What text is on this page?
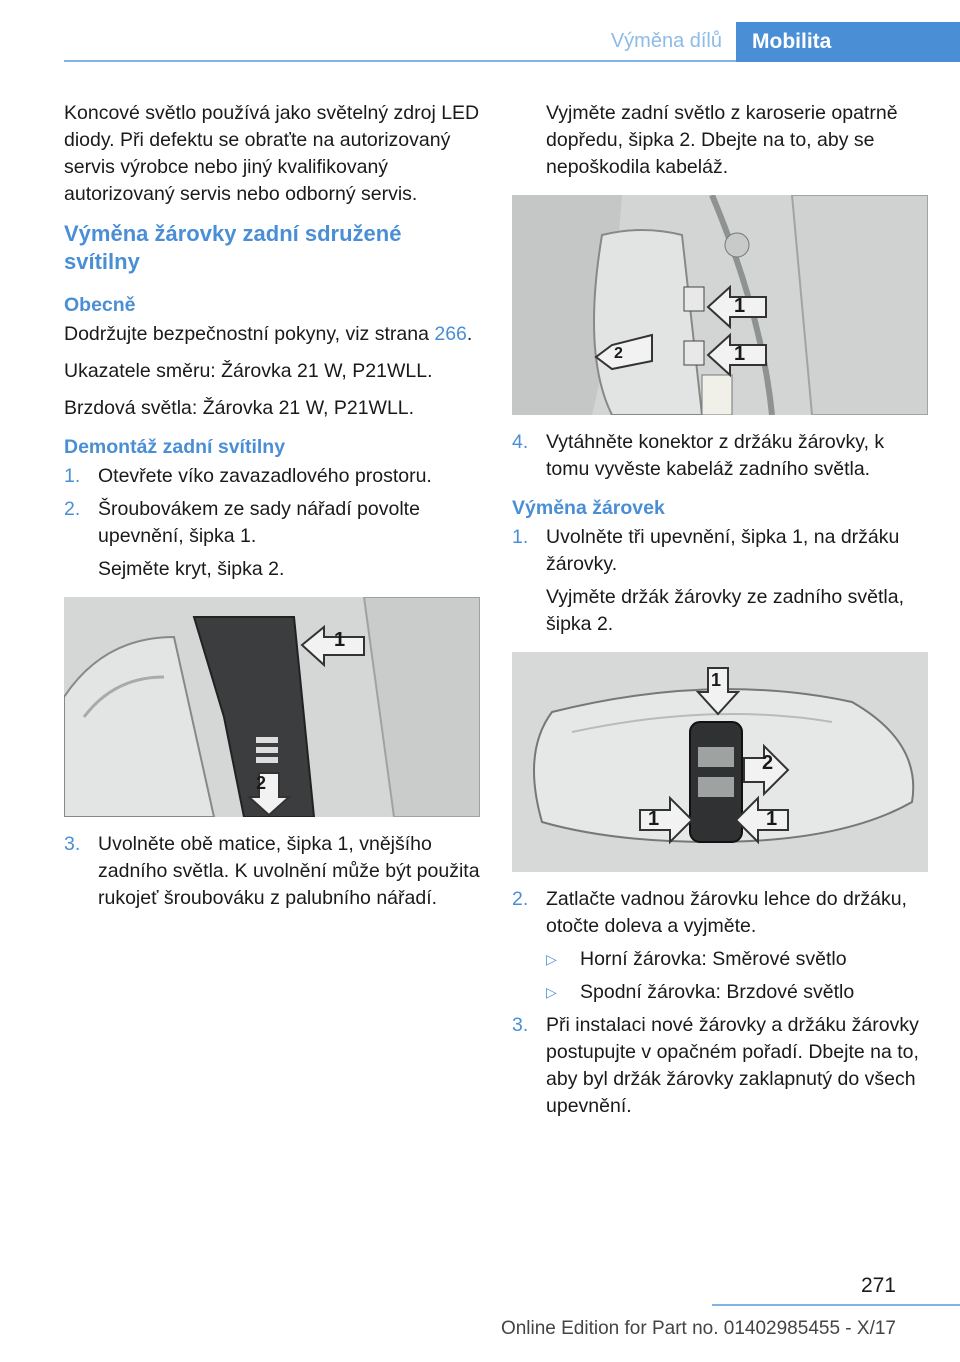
Výměna dílů	Mobilita

Koncové světlo používá jako světelný zdroj LED diody. Při defektu se obraťte na autorizovaný servis výrobce nebo jiný kvalifikovaný autorizovaný servis nebo odborný servis.

Výměna žárovky zadní sdružené svítilny
Obecně

Dodržujte bezpečnostní pokyny, viz strana 266.

Ukazatele směru: Žárovka 21 W, P21WLL.

Brzdová světla: Žárovka 21 W, P21WLL.

Demontáž zadní svítilny
1. Otevřete víko zavazadlového prostoru.
2. Šroubovákem ze sady nářadí povolte upevnění, šipka 1.
Sejměte kryt, šipka 2.
1
2
3. Uvolněte obě matice, šipka 1, vnějšího zadního světla. K uvolnění může být použita rukojeť šroubováku z palubního nářadí.

Vyjměte zadní světlo z karoserie opatrně dopředu, šipka 2. Dbejte na to, aby se nepoškodila kabeláž.

1
1
2
4. Vytáhněte konektor z držáku žárovky, k tomu vyvěste kabeláž zadního světla.
Výměna žárovek
1. Uvolněte tři upevnění, šipka 1, na držáku žárovky.
Vyjměte držák žárovky ze zadního světla, šipka 2.
1
2
1	1
2. Zatlačte vadnou žárovku lehce do držáku, otočte doleva a vyjměte.
▷	Horní žárovka: Směrové světlo
▷	Spodní žárovka: Brzdové světlo
3. Při instalaci nové žárovky a držáku žárovky postupujte v opačném pořadí. Dbejte na to, aby byl držák žárovky zaklapnutý do všech upevnění.
271
Online Edition for Part no. 01402985455 - X/17
